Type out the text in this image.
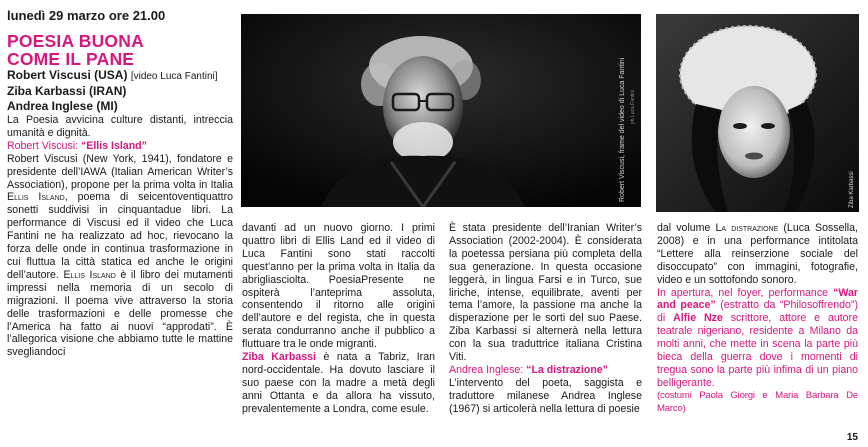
lunedì 29 marzo ore 21.00
POESIA BUONA
COME IL PANE
Robert Viscusi (USA) [video Luca Fantini]
Ziba Karbassi (IRAN)
Andrea Inglese (MI)

La Poesia avvicina culture distanti, intreccia umanità e dignità.

Robert Viscusi: “Ellis Island”

Robert Viscusi (New York, 1941), fondatore e presidente dell’IAWA (Italian American Writer’s Association), propone per la prima volta in Italia Ellis Island, poema di seicentoventiquattro sonetti suddivisi in cinquantadue libri. La performance di Viscusi ed il video che Luca Fantini ne ha realizzato ad hoc, rievocano la forza delle onde in continua trasformazione in cui fluttua la città statica ed anche le origini dell’autore. Ellis Island è il libro dei mutamenti impressi nella memoria di un secolo di migrazioni. Il poema vive attraverso la storia delle trasformazioni e delle promesse che l’America ha fatto ai nuovi “approdati”. È l’allegorica visione che abbiamo tutte le mattine svegliandoci

Robert Viscusi, frame del video di Luca Fantini ph Luca Fantini
Ziba Karbassi

davanti ad un nuovo giorno. I primi quattro libri di Ellis Land ed il video di Luca Fantini sono stati raccolti quest’anno per la prima volta in Italia da abrigliasciolta. PoesiaPresente ne ospiterà l’anteprima assoluta, consentendo il ritorno alle origini dell’autore e del regista, che in questa serata condurranno anche il pubblico a fluttuare tra le onde migranti.

Ziba Karbassi è nata a Tabriz, Iran nord-occidentale. Ha dovuto lasciare il suo paese con la madre a metà degli anni Ottanta e da allora ha vissuto, prevalentemente a Londra, come esule.

È stata presidente dell’Iranian Writer’s Association (2002-2004). È considerata la poetessa persiana più completa della sua generazione. In questa occasione leggerà, in lingua Farsi e in Turco, sue liriche, intense, equilibrate, aventi per tema l’amore, la passione ma anche la disperazione per le sorti del suo Paese. Ziba Karbassi si alternerà nella lettura con la sua traduttrice italiana Cristina Viti.

Andrea Inglese: “La distrazione”

L’intervento del poeta, saggista e traduttore milanese Andrea Inglese (1967) si articolerà nella lettura di poesie

dal volume La distrazione (Luca Sossella, 2008) e in una performance intitolata “Lettere alla reinserzione sociale del disoccupato” con immagini, fotografie, video e un sottofondo sonoro.

In apertura, nel foyer, performance “War and peace” (estratto da “Philosoffrendo”) di Alfie Nze scrittore, attore e autore teatrale nigeriano, residente a Milano da molti anni, che mette in scena la parte più bieca della guerra dove i momenti di tregua sono la parte più infima di un piano belligerante.

(costumi Paola Giorgi e Maria Barbara De Marco)

15
